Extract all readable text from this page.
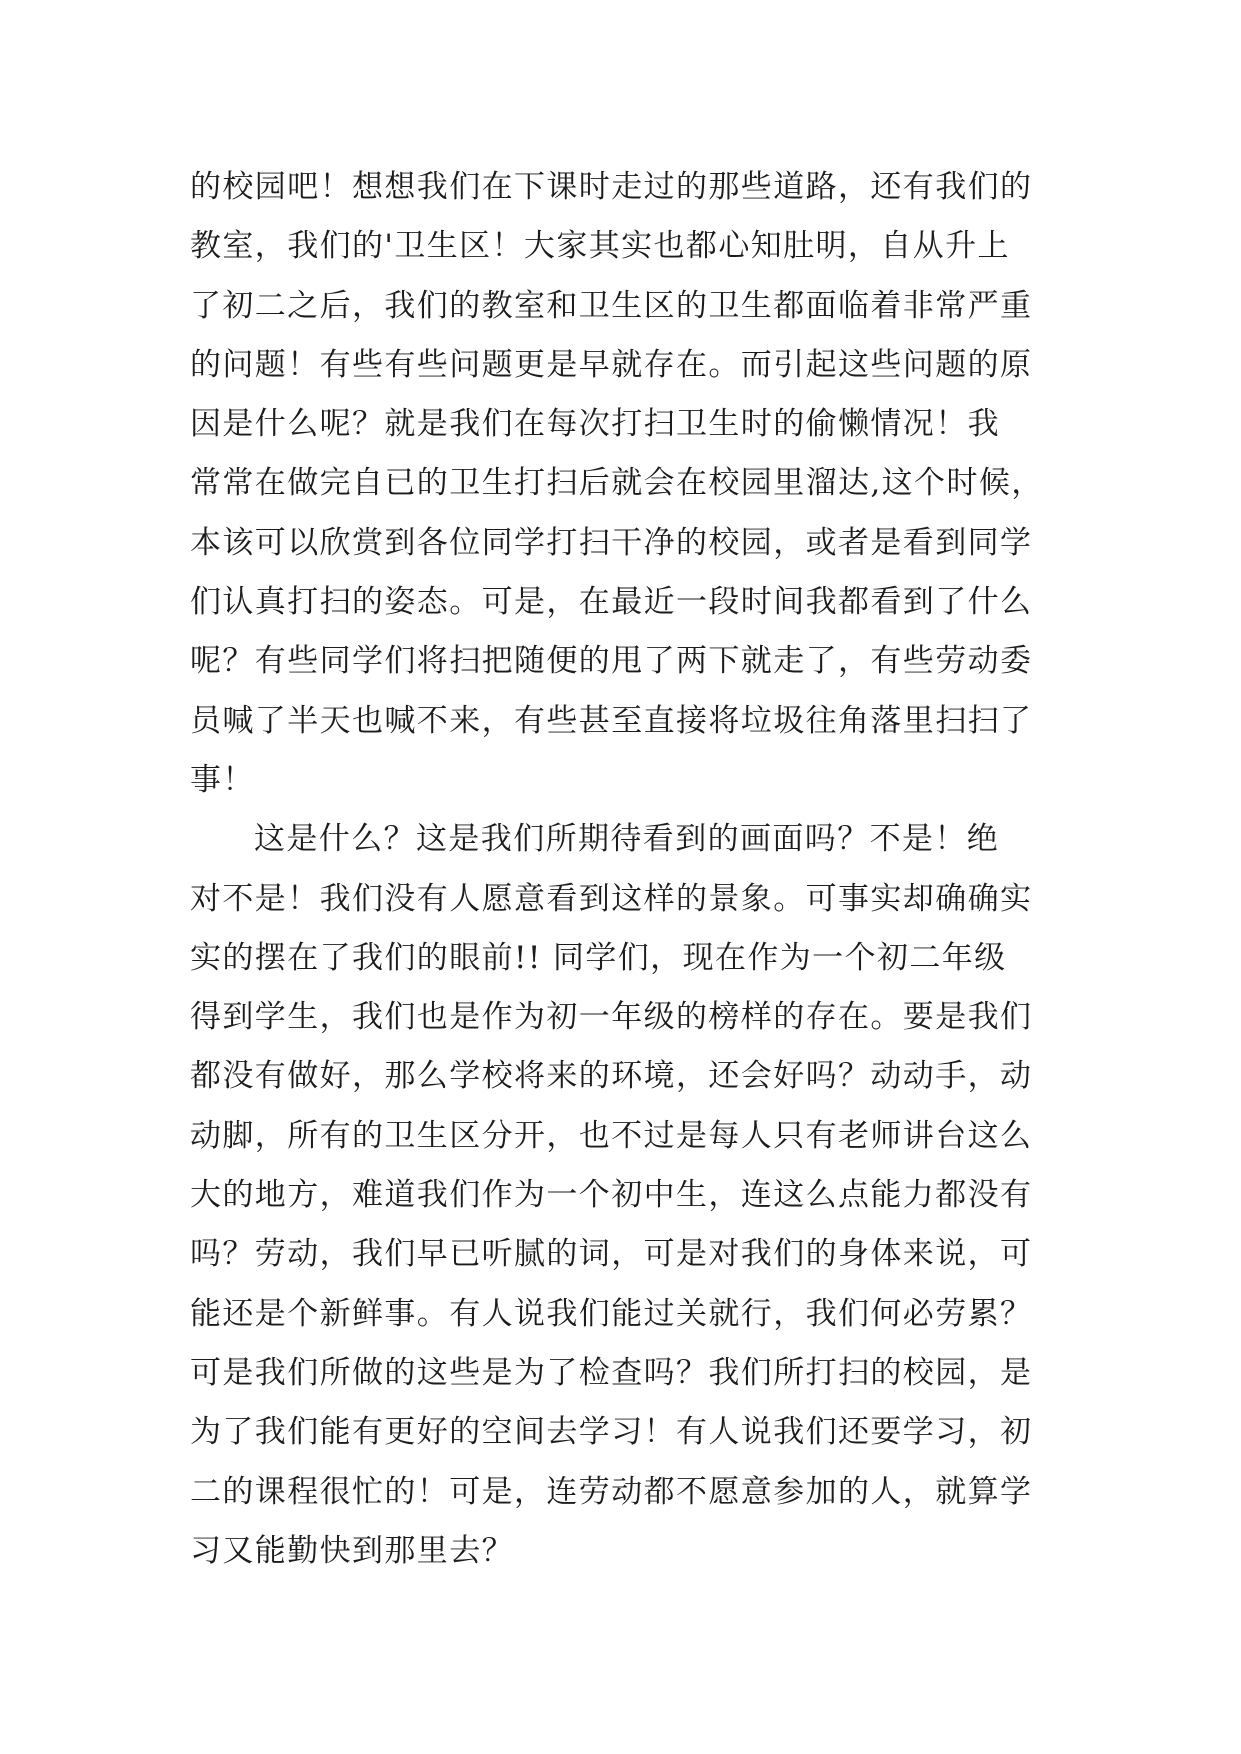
的校园吧！想想我们在下课时走过的那些道路，还有我们的
教室，我们的'卫生区！大家其实也都心知肚明，自从升上
了初二之后，我们的教室和卫生区的卫生都面临着非常严重
的问题！有些有些问题更是早就存在。而引起这些问题的原
因是什么呢？就是我们在每次打扫卫生时的偷懒情况！我
常常在做完自已的卫生打扫后就会在校园里溜达,这个时候，
本该可以欣赏到各位同学打扫干净的校园，或者是看到同学
们认真打扫的姿态。可是，在最近一段时间我都看到了什么
呢？有些同学们将扫把随便的甩了两下就走了，有些劳动委
员喊了半天也喊不来，有些甚至直接将垃圾往角落里扫扫了
事！
这是什么？这是我们所期待看到的画面吗？不是！绝
对不是！我们没有人愿意看到这样的景象。可事实却确确实
实的摆在了我们的眼前!! 同学们，现在作为一个初二年级
得到学生，我们也是作为初一年级的榜样的存在。要是我们
都没有做好，那么学校将来的环境，还会好吗？动动手，动
动脚，所有的卫生区分开，也不过是每人只有老师讲台这么
大的地方，难道我们作为一个初中生，连这么点能力都没有
吗？劳动，我们早已听腻的词，可是对我们的身体来说，可
能还是个新鲜事。有人说我们能过关就行，我们何必劳累？
可是我们所做的这些是为了检查吗？我们所打扫的校园，是
为了我们能有更好的空间去学习！有人说我们还要学习，初
二的课程很忙的！可是，连劳动都不愿意参加的人，就算学
习又能勤快到那里去？
